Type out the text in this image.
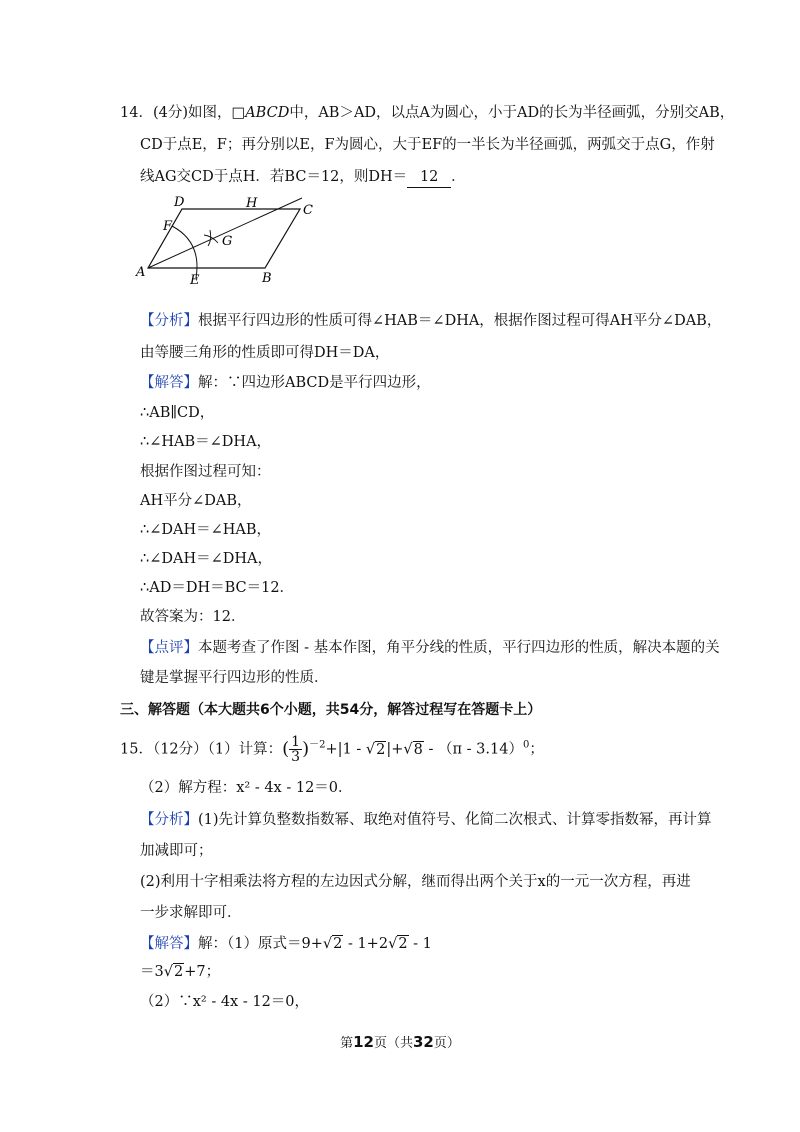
14．(4分)如图，□ABCD中，AB＞AD，以点A为圆心，小于AD的长为半径画弧，分别交AB，
CD于点E，F；再分别以E，F为圆心，大于EF的一半长为半径画弧，两弧交于点G，作射
线AG交CD于点H．若BC＝12，则DH＝ 12 ．
D	H	C
F
G
A
E	B
【分析】根据平行四边形的性质可得∠HAB＝∠DHA，根据作图过程可得AH平分∠DAB，
由等腰三角形的性质即可得DH＝DA，
【解答】解：∵四边形ABCD是平行四边形，
∴AB∥CD，
∴∠HAB＝∠DHA，
根据作图过程可知：
AH平分∠DAB，
∴∠DAH＝∠HAB，
∴∠DAH＝∠DHA，
∴AD＝DH＝BC＝12．
故答案为：12．
【点评】本题考查了作图 - 基本作图，角平分线的性质，平行四边形的性质，解决本题的关
键是掌握平行四边形的性质．
三、解答题（本大题共6个小题，共54分，解答过程写在答题卡上）
15．（12分）（1）计算：( $\frac{1}{3} )^{-2}+|1 - √2|+√8 - (\pi - 3.14)^0$；
（2）解方程：x² - 4x - 12＝0．
【分析】(1)先计算负整数指数幂、取绝对值符号、化简二次根式、计算零指数幂，再计算
加减即可；
(2)利用十字相乘法将方程的左边因式分解，继而得出两个关于x的一元一次方程，再进
一步求解即可．
【解答】解：（1）原式＝9+√2 - 1+2√2 - 1
＝3√2+7；
（2）∵x² - 4x - 12＝0，
第12页（共32页）
